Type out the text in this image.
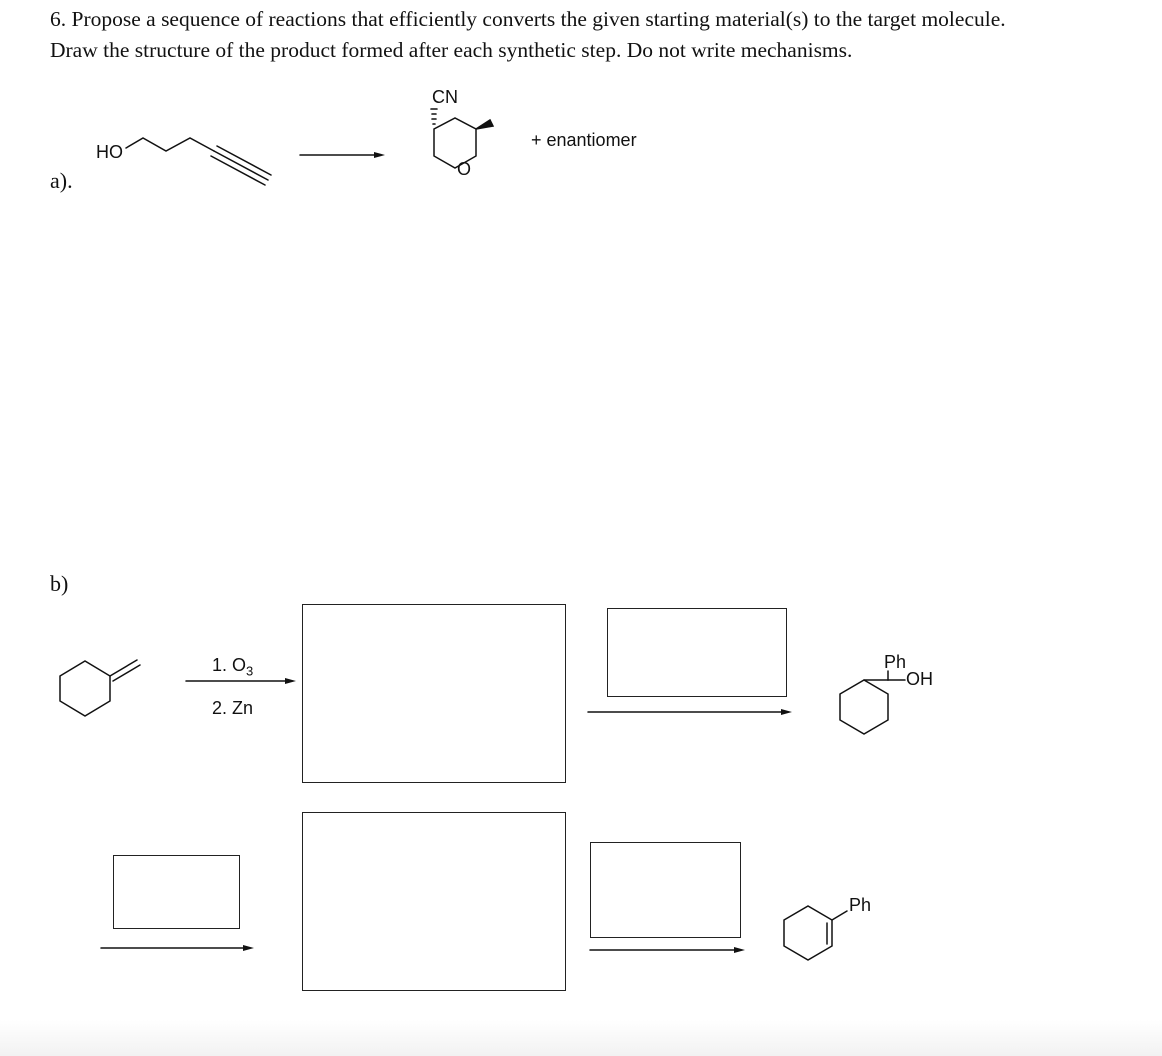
6. Propose a sequence of reactions that efficiently converts the given starting material(s) to the target molecule.
Draw the structure of the product formed after each synthetic step. Do not write mechanisms.
a).
HO
CN
O
+ enantiomer
b)
1. $O_3$
2. Zn
Ph
OH
Ph
